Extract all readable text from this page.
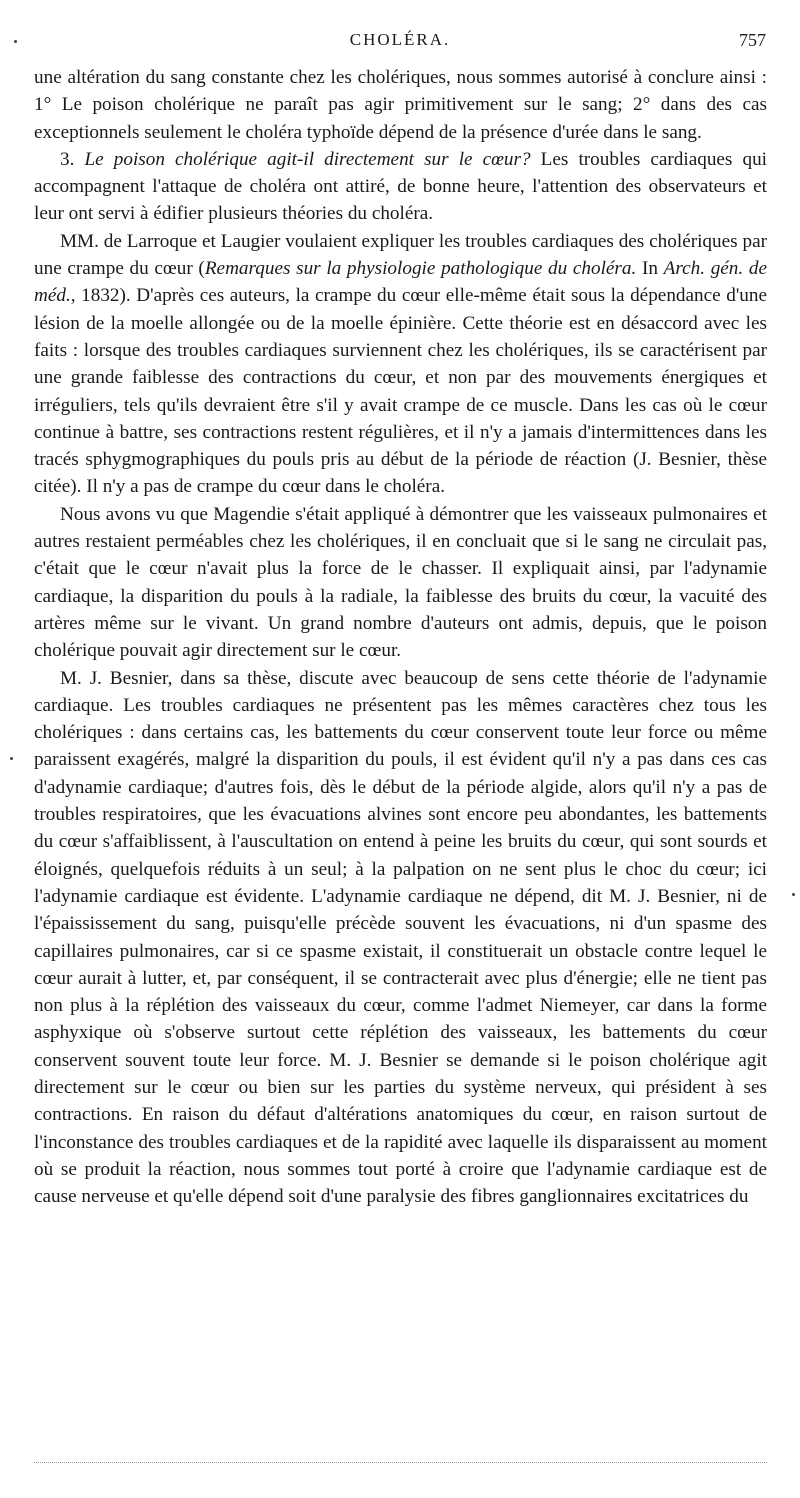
CHOLÉRA.	757

une altération du sang constante chez les cholériques, nous sommes autorisé à conclure ainsi : 1° Le poison cholérique ne paraît pas agir primitivement sur le sang; 2° dans des cas exceptionnels seulement le choléra typhoïde dépend de la présence d'urée dans le sang.

3. Le poison cholérique agit-il directement sur le cœur? Les troubles cardiaques qui accompagnent l'attaque de choléra ont attiré, de bonne heure, l'attention des observateurs et leur ont servi à édifier plusieurs théories du choléra.

MM. de Larroque et Laugier voulaient expliquer les troubles cardiaques des cholériques par une crampe du cœur (Remarques sur la physiologie pathologique du choléra. In Arch. gén. de méd., 1832). D'après ces auteurs, la crampe du cœur elle-même était sous la dépendance d'une lésion de la moelle allongée ou de la moelle épinière. Cette théorie est en désaccord avec les faits : lorsque des troubles cardiaques surviennent chez les cholériques, ils se caractérisent par une grande faiblesse des contractions du cœur, et non par des mouvements énergiques et irréguliers, tels qu'ils devraient être s'il y avait crampe de ce muscle. Dans les cas où le cœur continue à battre, ses contractions restent régulières, et il n'y a jamais d'intermittences dans les tracés sphygmographiques du pouls pris au début de la période de réaction (J. Besnier, thèse citée). Il n'y a pas de crampe du cœur dans le choléra.

Nous avons vu que Magendie s'était appliqué à démontrer que les vaisseaux pulmonaires et autres restaient perméables chez les cholériques, il en concluait que si le sang ne circulait pas, c'était que le cœur n'avait plus la force de le chasser. Il expliquait ainsi, par l'adynamie cardiaque, la disparition du pouls à la radiale, la faiblesse des bruits du cœur, la vacuité des artères même sur le vivant. Un grand nombre d'auteurs ont admis, depuis, que le poison cholérique pouvait agir directement sur le cœur.

M. J. Besnier, dans sa thèse, discute avec beaucoup de sens cette théorie de l'adynamie cardiaque. Les troubles cardiaques ne présentent pas les mêmes caractères chez tous les cholériques : dans certains cas, les battements du cœur conservent toute leur force ou même paraissent exagérés, malgré la disparition du pouls, il est évident qu'il n'y a pas dans ces cas d'adynamie cardiaque; d'autres fois, dès le début de la période algide, alors qu'il n'y a pas de troubles respiratoires, que les évacuations alvines sont encore peu abondantes, les battements du cœur s'affaiblissent, à l'auscultation on entend à peine les bruits du cœur, qui sont sourds et éloignés, quelquefois réduits à un seul; à la palpation on ne sent plus le choc du cœur; ici l'adynamie cardiaque est évidente. L'adynamie cardiaque ne dépend, dit M. J. Besnier, ni de l'épaississement du sang, puisqu'elle précède souvent les évacuations, ni d'un spasme des capillaires pulmonaires, car si ce spasme existait, il constituerait un obstacle contre lequel le cœur aurait à lutter, et, par conséquent, il se contracterait avec plus d'énergie; elle ne tient pas non plus à la réplétion des vaisseaux du cœur, comme l'admet Niemeyer, car dans la forme asphyxique où s'observe surtout cette réplétion des vaisseaux, les battements du cœur conservent souvent toute leur force. M. J. Besnier se demande si le poison cholérique agit directement sur le cœur ou bien sur les parties du système nerveux, qui président à ses contractions. En raison du défaut d'altérations anatomiques du cœur, en raison surtout de l'inconstance des troubles cardiaques et de la rapidité avec laquelle ils disparaissent au moment où se produit la réaction, nous sommes tout porté à croire que l'adynamie cardiaque est de cause nerveuse et qu'elle dépend soit d'une paralysie des fibres ganglionnaires excitatrices du
